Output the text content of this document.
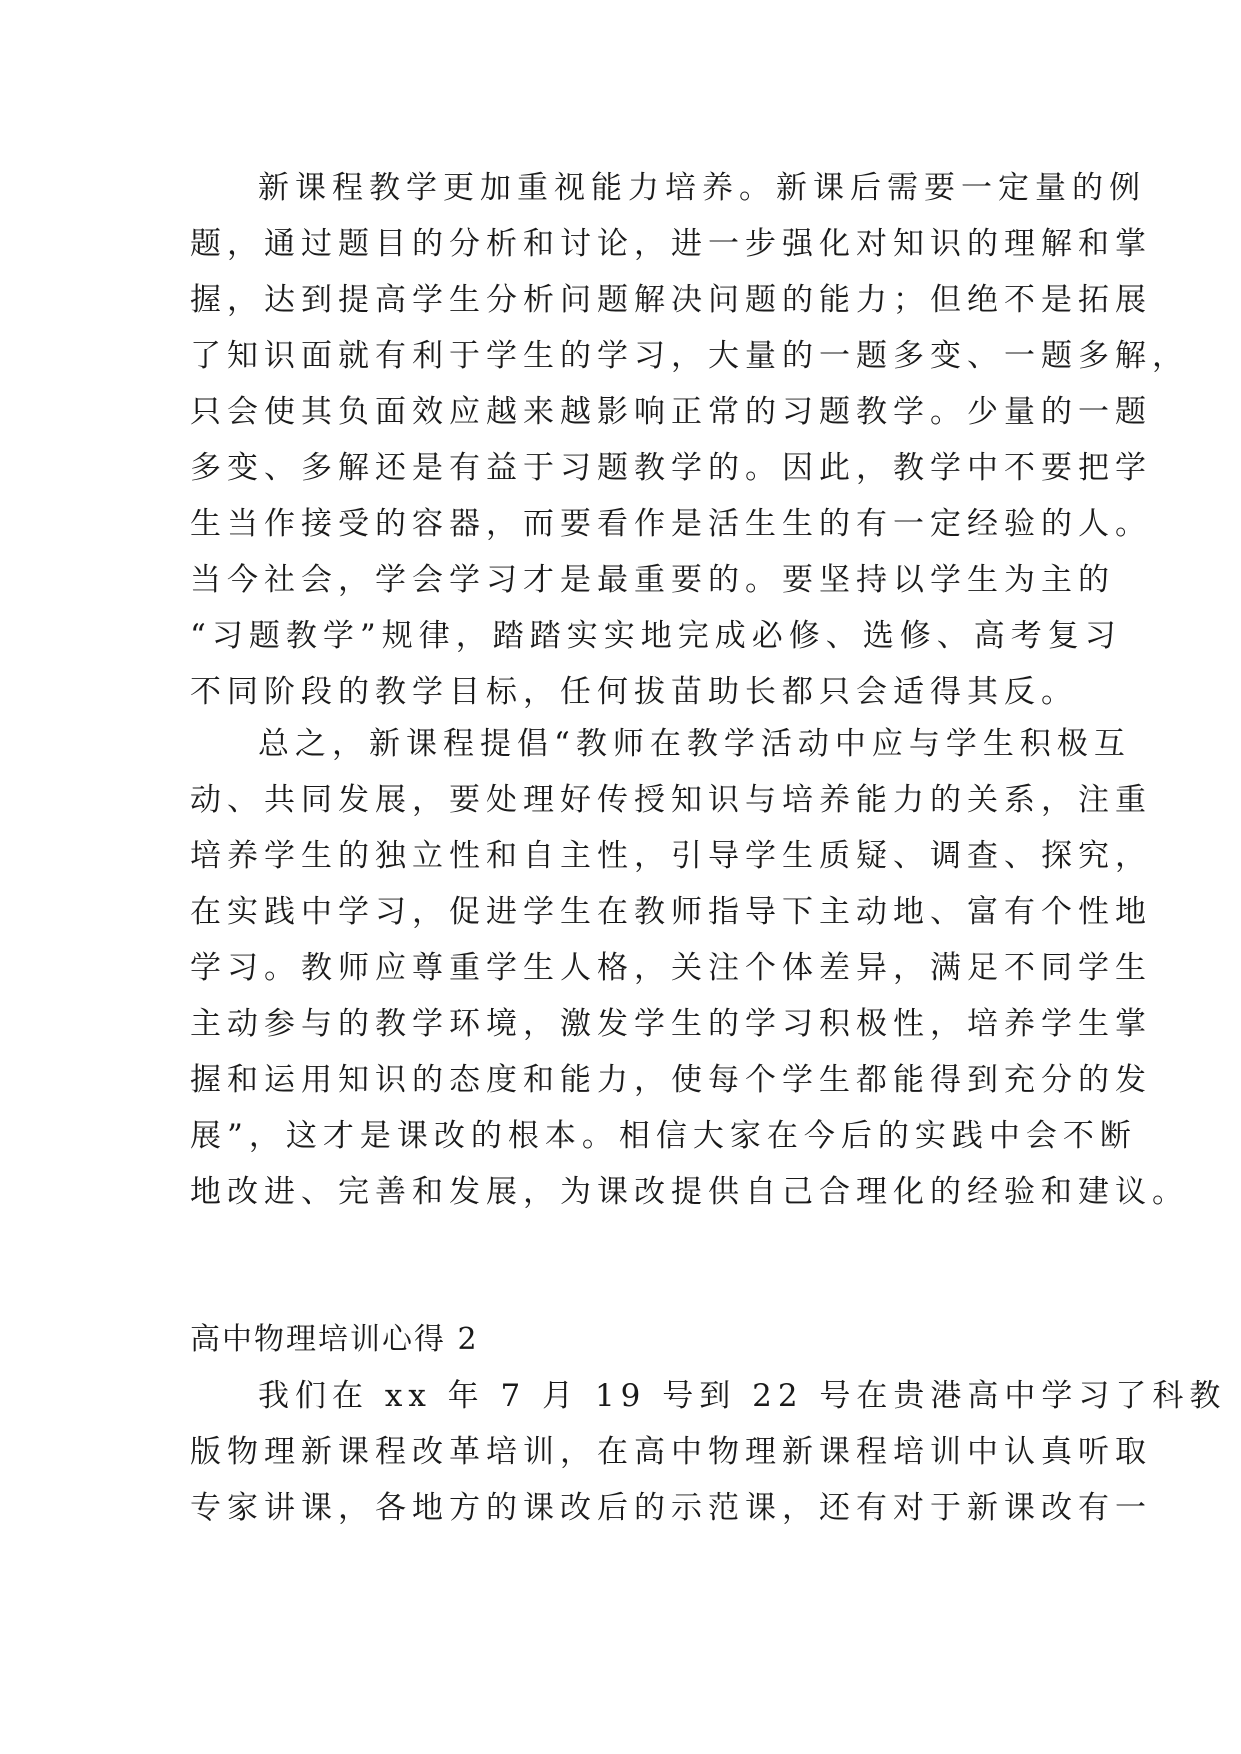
新课程教学更加重视能力培养。新课后需要一定量的例
题，通过题目的分析和讨论，进一步强化对知识的理解和掌
握，达到提高学生分析问题解决问题的能力；但绝不是拓展
了知识面就有利于学生的学习，大量的一题多变、一题多解，
只会使其负面效应越来越影响正常的习题教学。少量的一题
多变、多解还是有益于习题教学的。因此，教学中不要把学
生当作接受的容器，而要看作是活生生的有一定经验的人。
当今社会，学会学习才是最重要的。要坚持以学生为主的
“习题教学”规律，踏踏实实地完成必修、选修、高考复习
不同阶段的教学目标，任何拔苗助长都只会适得其反。
总之，新课程提倡“教师在教学活动中应与学生积极互
动、共同发展，要处理好传授知识与培养能力的关系，注重
培养学生的独立性和自主性，引导学生质疑、调查、探究，
在实践中学习，促进学生在教师指导下主动地、富有个性地
学习。教师应尊重学生人格，关注个体差异，满足不同学生
主动参与的教学环境，激发学生的学习积极性，培养学生掌
握和运用知识的态度和能力，使每个学生都能得到充分的发
展”，这才是课改的根本。相信大家在今后的实践中会不断
地改进、完善和发展，为课改提供自己合理化的经验和建议。
高中物理培训心得 2
我们在 xx 年 7 月 19 号到 22 号在贵港高中学习了科教
版物理新课程改革培训，在高中物理新课程培训中认真听取
专家讲课，各地方的课改后的示范课，还有对于新课改有一
